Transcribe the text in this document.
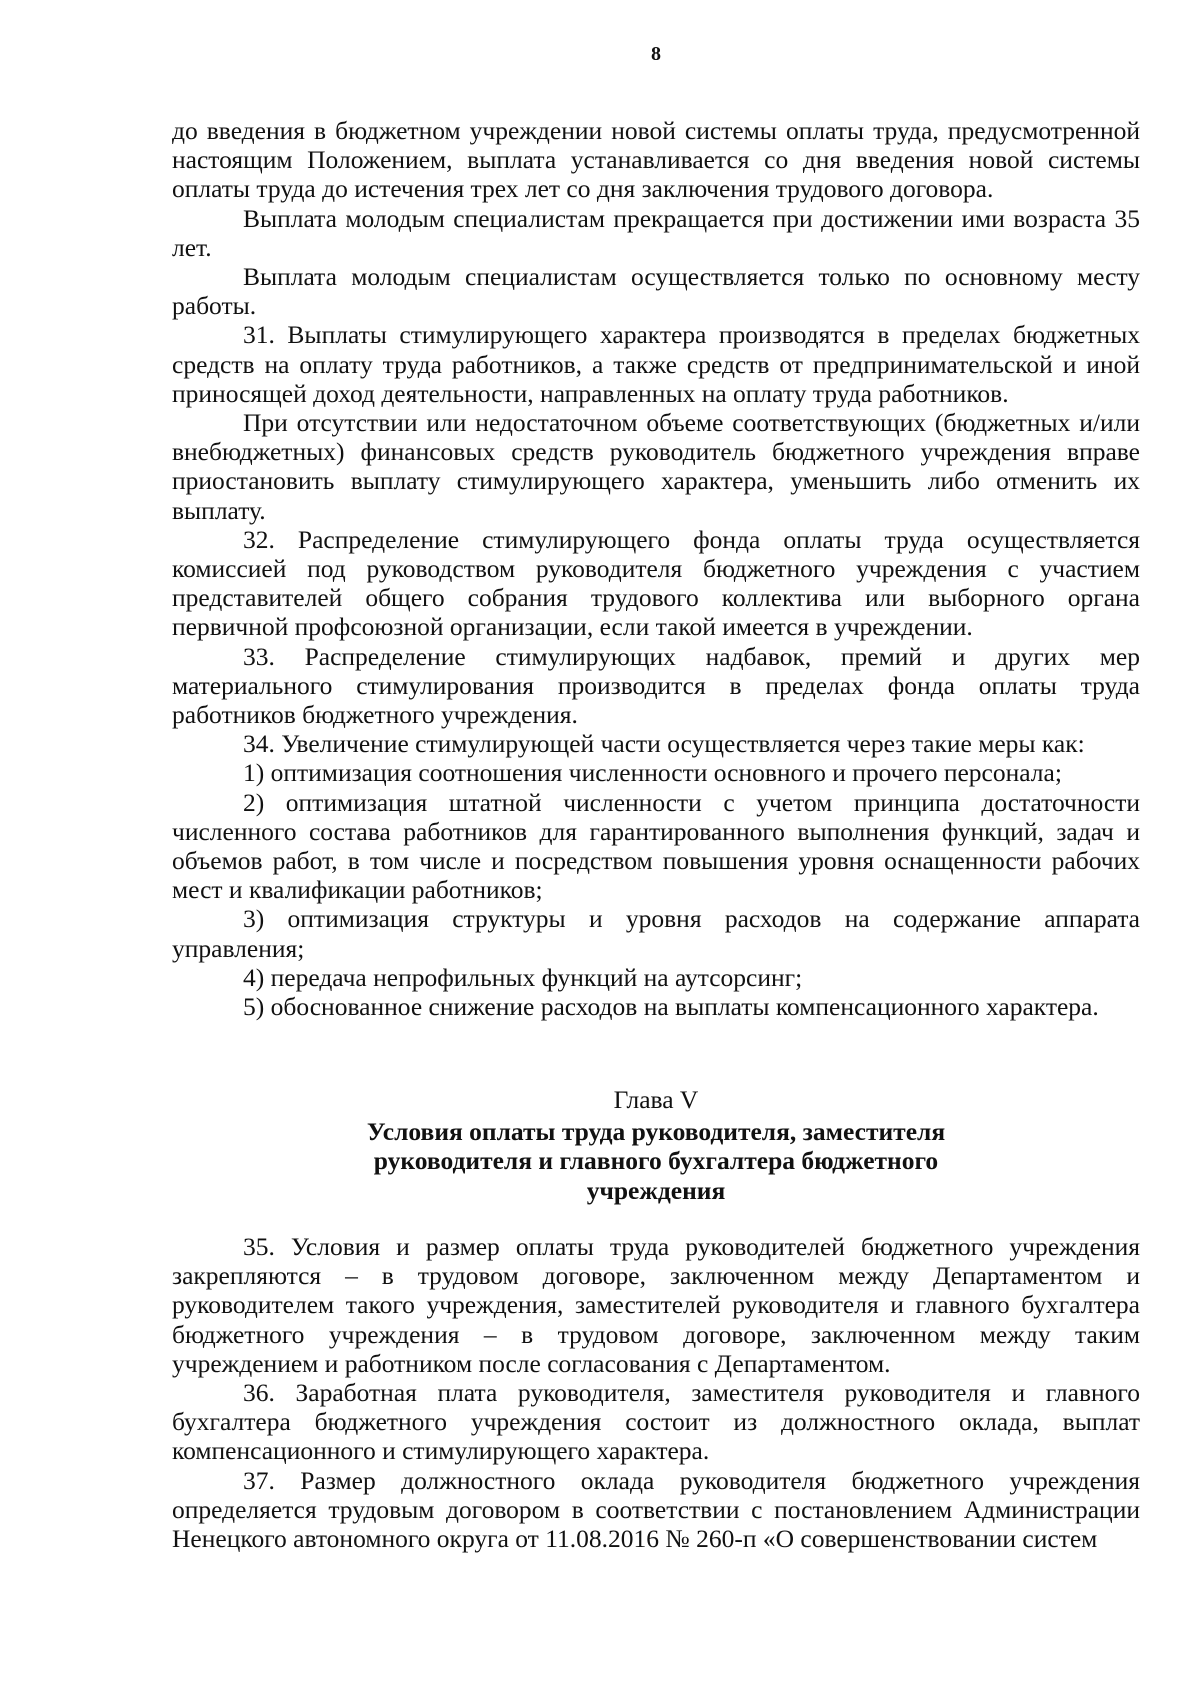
8

до введения в бюджетном учреждении новой системы оплаты труда, предусмотренной настоящим Положением, выплата устанавливается со дня введения новой системы оплаты труда до истечения трех лет со дня заключения трудового договора.

Выплата молодым специалистам прекращается при достижении ими возраста 35 лет.

Выплата молодым специалистам осуществляется только по основному месту работы.

31. Выплаты стимулирующего характера производятся в пределах бюджетных средств на оплату труда работников, а также средств от предпринимательской и иной приносящей доход деятельности, направленных на оплату труда работников.

При отсутствии или недостаточном объеме соответствующих (бюджетных и/или внебюджетных) финансовых средств руководитель бюджетного учреждения вправе приостановить выплату стимулирующего характера, уменьшить либо отменить их выплату.

32. Распределение стимулирующего фонда оплаты труда осуществляется комиссией под руководством руководителя бюджетного учреждения с участием представителей общего собрания трудового коллектива или выборного органа первичной профсоюзной организации, если такой имеется в учреждении.

33. Распределение стимулирующих надбавок, премий и других мер материального стимулирования производится в пределах фонда оплаты труда работников бюджетного учреждения.

34. Увеличение стимулирующей части осуществляется через такие меры как:

1) оптимизация соотношения численности основного и прочего персонала;

2) оптимизация штатной численности с учетом принципа достаточности численного состава работников для гарантированного выполнения функций, задач и объемов работ, в том числе и посредством повышения уровня оснащенности рабочих мест и квалификации работников;

3) оптимизация структуры и уровня расходов на содержание аппарата управления;

4) передача непрофильных функций на аутсорсинг;

5) обоснованное снижение расходов на выплаты компенсационного характера.

Глава V

Условия оплаты труда руководителя, заместителя

руководителя и главного бухгалтера бюджетного

учреждения

35. Условия и размер оплаты труда руководителей бюджетного учреждения закрепляются – в трудовом договоре, заключенном между Департаментом и руководителем такого учреждения, заместителей руководителя и главного бухгалтера бюджетного учреждения – в трудовом договоре, заключенном между таким учреждением и работником после согласования с Департаментом.

36. Заработная плата руководителя, заместителя руководителя и главного бухгалтера бюджетного учреждения состоит из должностного оклада, выплат компенсационного и стимулирующего характера.

37. Размер должностного оклада руководителя бюджетного учреждения определяется трудовым договором в соответствии с постановлением Администрации Ненецкого автономного округа от 11.08.2016 № 260-п «О совершенствовании систем
